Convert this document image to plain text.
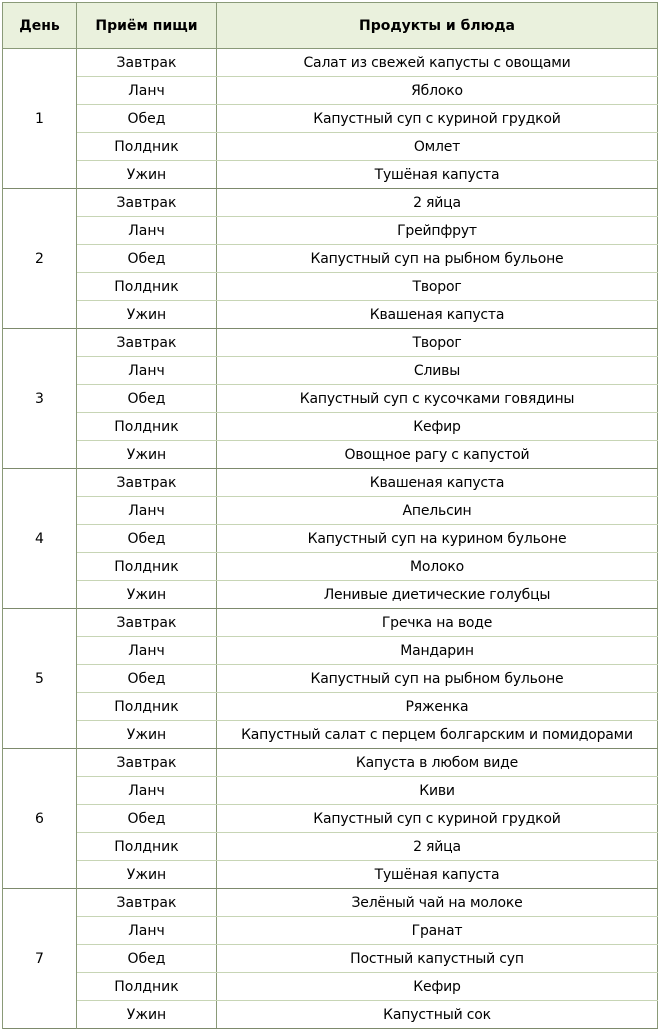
День	Приём пищи	Продукты и блюда
1	Завтрак	Салат из свежей капусты с овощами
	Ланч	Яблоко
	Обед	Капустный суп с куриной грудкой
	Полдник	Омлет
	Ужин	Тушёная капуста
2	Завтрак	2 яйца
	Ланч	Грейпфрут
	Обед	Капустный суп на рыбном бульоне
	Полдник	Творог
	Ужин	Квашеная капуста
3	Завтрак	Творог
	Ланч	Сливы
	Обед	Капустный суп с кусочками говядины
	Полдник	Кефир
	Ужин	Овощное рагу с капустой
4	Завтрак	Квашеная капуста
	Ланч	Апельсин
	Обед	Капустный суп на курином бульоне
	Полдник	Молоко
	Ужин	Ленивые диетические голубцы
5	Завтрак	Гречка на воде
	Ланч	Мандарин
	Обед	Капустный суп на рыбном бульоне
	Полдник	Ряженка
	Ужин	Капустный салат с перцем болгарским и помидорами
6	Завтрак	Капуста в любом виде
	Ланч	Киви
	Обед	Капустный суп с куриной грудкой
	Полдник	2 яйца
	Ужин	Тушёная капуста
7	Завтрак	Зелёный чай на молоке
	Ланч	Гранат
	Обед	Постный капустный суп
	Полдник	Кефир
	Ужин	Капустный сок
